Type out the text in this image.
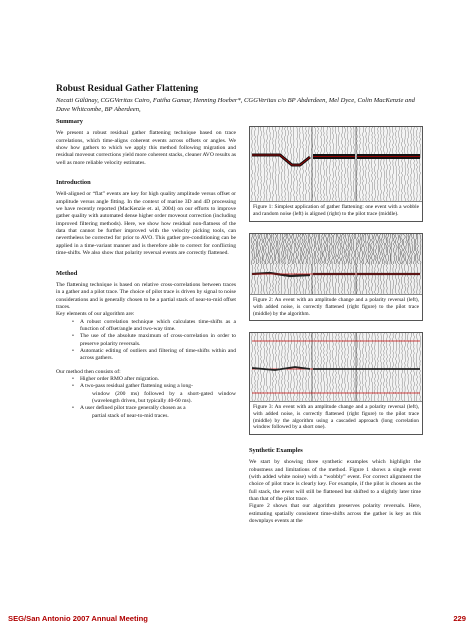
Robust Residual Gather Flattening
Necati Gülünay, CGGVeritas Cairo, Fatiha Gamar, Henning Hoeber*, CGGVeritas c/o BP Abderdeen, Mel Dyce, Colin MacKenzie and Dave Whitcombe, BP Aberdeen,
Summary

We present a robust residual gather flattening technique based on trace correlations, which time-aligns coherent events across offsets or angles. We show how gathers to which we apply this method following migration and residual moveout corrections yield more coherent stacks, cleaner AVO results as well as more reliable velocity estimates.

Introduction

Well-aligned or “flat” events are key for high quality amplitude versus offset or amplitude versus angle fitting. In the context of marine 3D and 4D processing we have recently reported (MacKenzie et. al, 2004) on our efforts to improve gather quality with automated dense higher order moveout correction (including improved filtering methods). Here, we show how residual non-flatness of the data that cannot be further improved with the velocity picking tools, can nevertheless be corrected for prior to AVO. This gather pre-conditioning can be applied in a time-variant manner and is therefore able to correct for conflicting time-shifts. We also show that polarity reversal events are correctly flattened.

Method

The flattening technique is based on relative cross-correlations between traces in a gather and a pilot trace. The choice of pilot trace is driven by signal to noise considerations and is generally chosen to be a partial stack of near-to-mid offset traces.

Key elements of our algorithm are:

• A robust correlation technique which calculates time-shifts as a function of offset/angle and two-way time.

• The use of the absolute maximum of cross-correlation in order to preserve polarity reversals.

• Automatic editing of outliers and filtering of time-shifts within and across gathers.

Our method then consists of:

• Higher order RMO after migration.

• A two-pass residual gather flattening using a long-

window (200 ms) followed by a short-gated window (wavelength driven, but typically 40-60 ms).

• A user defined pilot trace generally chosen as a

partial stack of near-to-mid traces.

Figure 1: Simplest application of gather flattening: one event with a wobble and random noise (left) is aligned (right) to the pilot trace (middle).
Figure 2: An event with an amplitude change and a polarity reversal (left), with added noise, is correctly flattened (right figure) to the pilot trace (middle) by the algorithm.
Figure 3: An event with an amplitude change and a polarity reversal (left), with added noise, is correctly flattened (right figure) to the pilot trace (middle) by the algorithm using a cascaded approach (long correlation window followed by a short one).
Synthetic Examples

We start by showing three synthetic examples which highlight the robustness and limitations of the method. Figure 1 shows a single event (with added white noise) with a “wobbly” event. For correct alignment the choice of pilot trace is clearly key. For example, if the pilot is chosen as the full stack, the event will still be flattened but shifted to a slightly later time than that of the pilot trace.

Figure 2 shows that our algorithm preserves polarity reversals. Here, estimating spatially consistent time-shifts across the gather is key as this downplays events at the

SEG/San Antonio 2007 Annual Meeting	229
